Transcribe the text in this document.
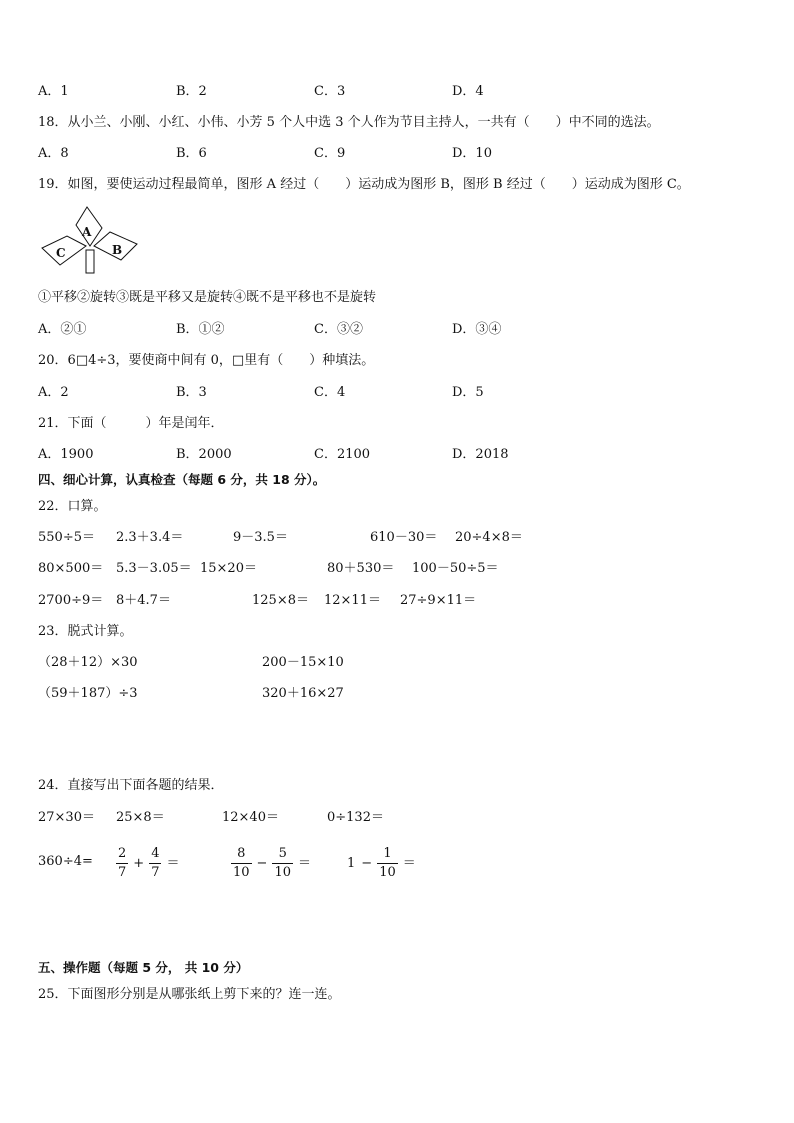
A．1	B．2	C．3	D．4
18．从小兰、小刚、小红、小伟、小芳 5 个人中选 3 个人作为节目主持人，一共有（　　）中不同的选法。
A．8	B．6	C．9	D．10
19．如图，要使运动过程最简单，图形 A 经过（　　）运动成为图形 B，图形 B 经过（　　）运动成为图形 C。
A
B
C
①平移②旋转③既是平移又是旋转④既不是平移也不是旋转
A．②①	B．①②	C．③②	D．③④
20．6□4÷3，要使商中间有 0，□里有（　　）种填法。
A．2	B．3	C．4	D．5
21．下面（　　　）年是闰年．
A．1900	B．2000	C．2100	D．2018
四、细心计算，认真检查（每题 6 分，共 18 分）。
22．口算。
550÷5＝ 2.3＋3.4＝	9－3.5＝	610－30＝ 20÷4×8＝
80×500＝ 5.3－3.05＝ 15×20＝	80＋530＝ 100－50÷5＝
2700÷9＝ 8＋4.7＝	125×8＝ 12×11＝ 27÷9×11＝
23．脱式计算。
（28＋12）×30	200－15×10
（59＋187）÷3	320＋16×27
24．直接写出下面各题的结果．
27×30＝ 25×8＝	12×40＝	0÷132＝
$360\div 4= \frac{2}{7} + \frac{4}{7}$ ＝	$\frac{8}{10} - \frac{5}{10}$ ＝	$1 - \frac{1}{10}$ ＝
五、操作题（每题 5 分， 共 10 分）
25．下面图形分别是从哪张纸上剪下来的？连一连。
